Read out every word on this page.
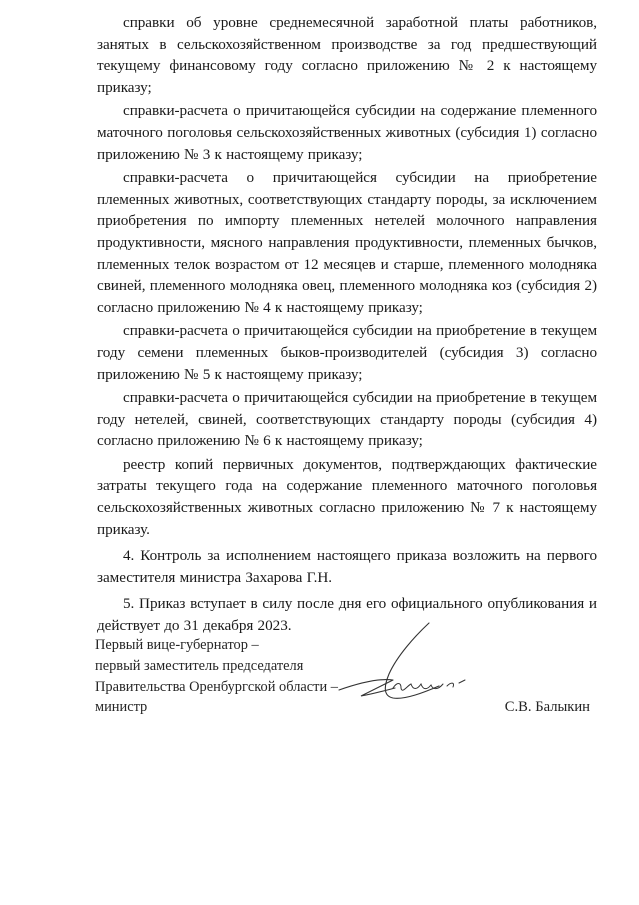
справки об уровне среднемесячной заработной платы работников, занятых в сельскохозяйственном производстве за год предшествующий текущему финансовому году согласно приложению № 2 к настоящему приказу;

справки-расчета о причитающейся субсидии на содержание племенного маточного поголовья сельскохозяйственных животных (субсидия 1) согласно приложению № 3 к настоящему приказу;

справки-расчета о причитающейся субсидии на приобретение племенных животных, соответствующих стандарту породы, за исключением приобретения по импорту племенных нетелей молочного направления продуктивности, мясного направления продуктивности, племенных бычков, племенных телок возрастом от 12 месяцев и старше, племенного молодняка свиней, племенного молодняка овец, племенного молодняка коз (субсидия 2) согласно приложению № 4 к настоящему приказу;

справки-расчета о причитающейся субсидии на приобретение в текущем году семени племенных быков-производителей (субсидия 3) согласно приложению № 5 к настоящему приказу;

справки-расчета о причитающейся субсидии на приобретение в текущем году нетелей, свиней, соответствующих стандарту породы (субсидия 4) согласно приложению № 6 к настоящему приказу;

реестр копий первичных документов, подтверждающих фактические затраты текущего года на содержание племенного маточного поголовья сельскохозяйственных животных согласно приложению № 7 к настоящему приказу.

4. Контроль за исполнением настоящего приказа возложить на первого заместителя министра Захарова Г.Н.

5. Приказ вступает в силу после дня его официального опубликования и действует до 31 декабря 2023.

Первый вице-губернатор –
первый заместитель председателя
Правительства Оренбургской области –
министр	С.В. Балыкин
